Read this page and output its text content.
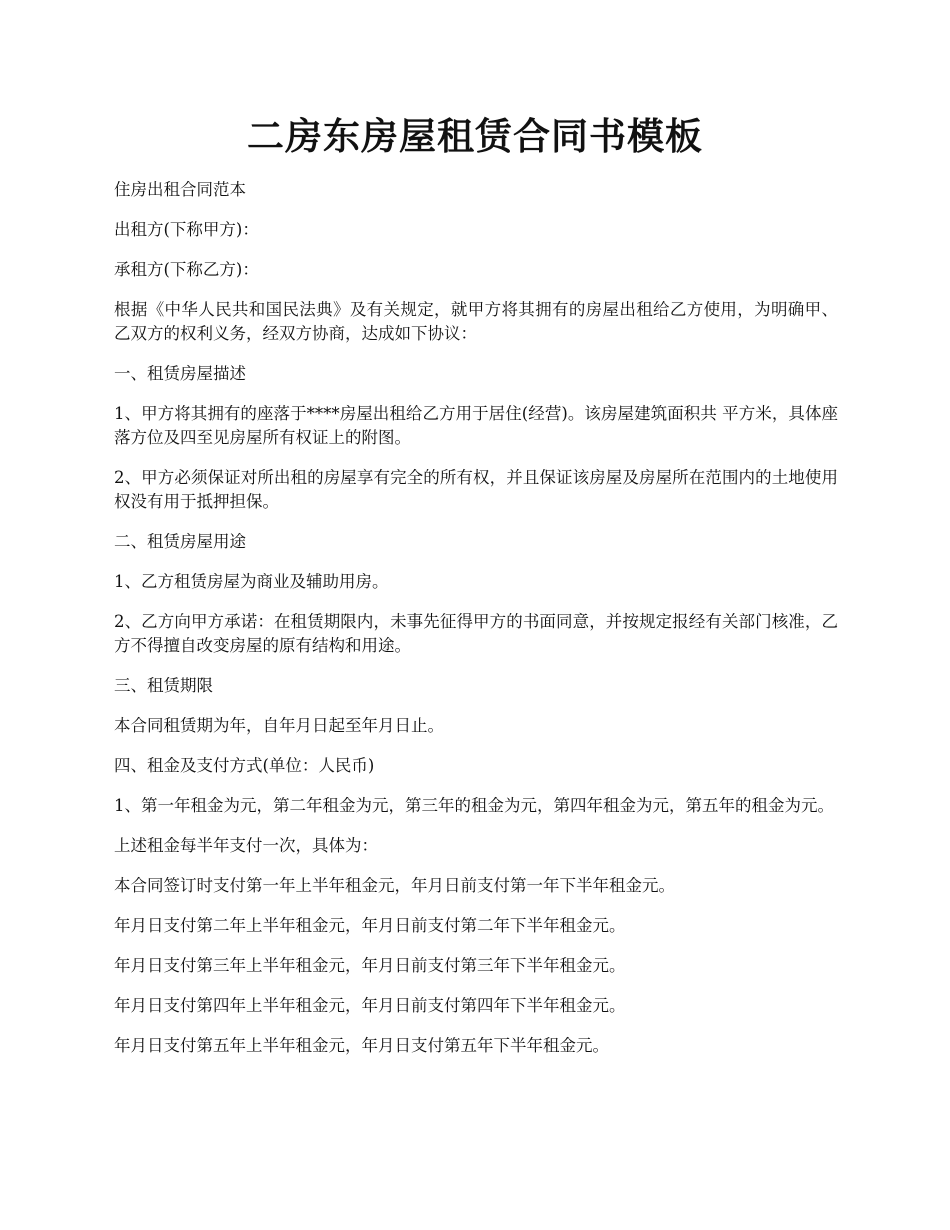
二房东房屋租赁合同书模板

住房出租合同范本

出租方(下称甲方)：

承租方(下称乙方)：

根据《中华人民共和国民法典》及有关规定，就甲方将其拥有的房屋出租给乙方使用，为明确甲、乙双方的权利义务，经双方协商，达成如下协议：

一、租赁房屋描述

1、甲方将其拥有的座落于****房屋出租给乙方用于居住(经营)。该房屋建筑面积共 平方米，具体座落方位及四至见房屋所有权证上的附图。

2、甲方必须保证对所出租的房屋享有完全的所有权，并且保证该房屋及房屋所在范围内的土地使用权没有用于抵押担保。

二、租赁房屋用途

1、乙方租赁房屋为商业及辅助用房。

2、乙方向甲方承诺：在租赁期限内，未事先征得甲方的书面同意，并按规定报经有关部门核准，乙方不得擅自改变房屋的原有结构和用途。

三、租赁期限

本合同租赁期为年，自年月日起至年月日止。

四、租金及支付方式(单位：人民币)

1、第一年租金为元，第二年租金为元，第三年的租金为元，第四年租金为元，第五年的租金为元。

上述租金每半年支付一次，具体为：

本合同签订时支付第一年上半年租金元，年月日前支付第一年下半年租金元。

年月日支付第二年上半年租金元，年月日前支付第二年下半年租金元。

年月日支付第三年上半年租金元，年月日前支付第三年下半年租金元。

年月日支付第四年上半年租金元，年月日前支付第四年下半年租金元。

年月日支付第五年上半年租金元，年月日支付第五年下半年租金元。
